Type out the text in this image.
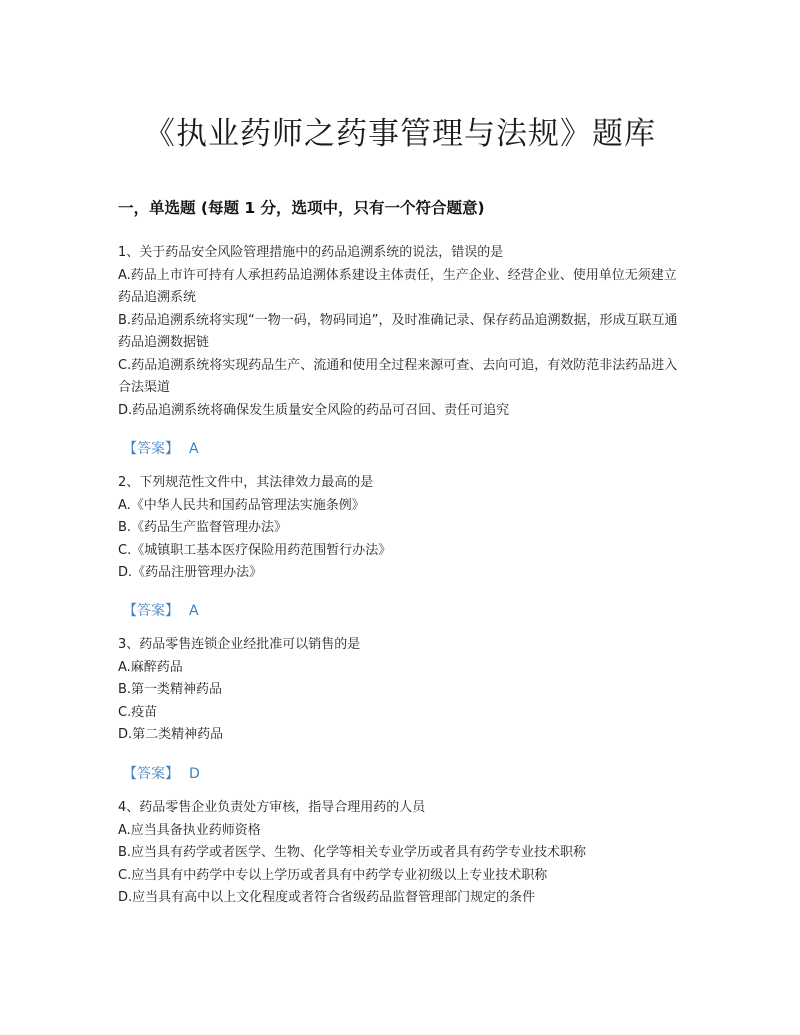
《执业药师之药事管理与法规》题库
一，单选题 (每题 1 分，选项中，只有一个符合题意)
1、关于药品安全风险管理措施中的药品追溯系统的说法，错误的是
A.药品上市许可持有人承担药品追溯体系建设主体责任，生产企业、经营企业、使用单位无须建立药品追溯系统
B.药品追溯系统将实现“一物一码，物码同追”，及时准确记录、保存药品追溯数据，形成互联互通药品追溯数据链
C.药品追溯系统将实现药品生产、流通和使用全过程来源可查、去向可追，有效防范非法药品进入合法渠道
D.药品追溯系统将确保发生质量安全风险的药品可召回、责任可追究
【答案】 A
2、下列规范性文件中，其法律效力最高的是
A.《中华人民共和国药品管理法实施条例》
B.《药品生产监督管理办法》
C.《城镇职工基本医疗保险用药范围暂行办法》
D.《药品注册管理办法》
【答案】 A
3、药品零售连锁企业经批准可以销售的是
A.麻醉药品
B.第一类精神药品
C.疫苗
D.第二类精神药品
【答案】 D
4、药品零售企业负责处方审核，指导合理用药的人员
A.应当具备执业药师资格
B.应当具有药学或者医学、生物、化学等相关专业学历或者具有药学专业技术职称
C.应当具有中药学中专以上学历或者具有中药学专业初级以上专业技术职称
D.应当具有高中以上文化程度或者符合省级药品监督管理部门规定的条件
